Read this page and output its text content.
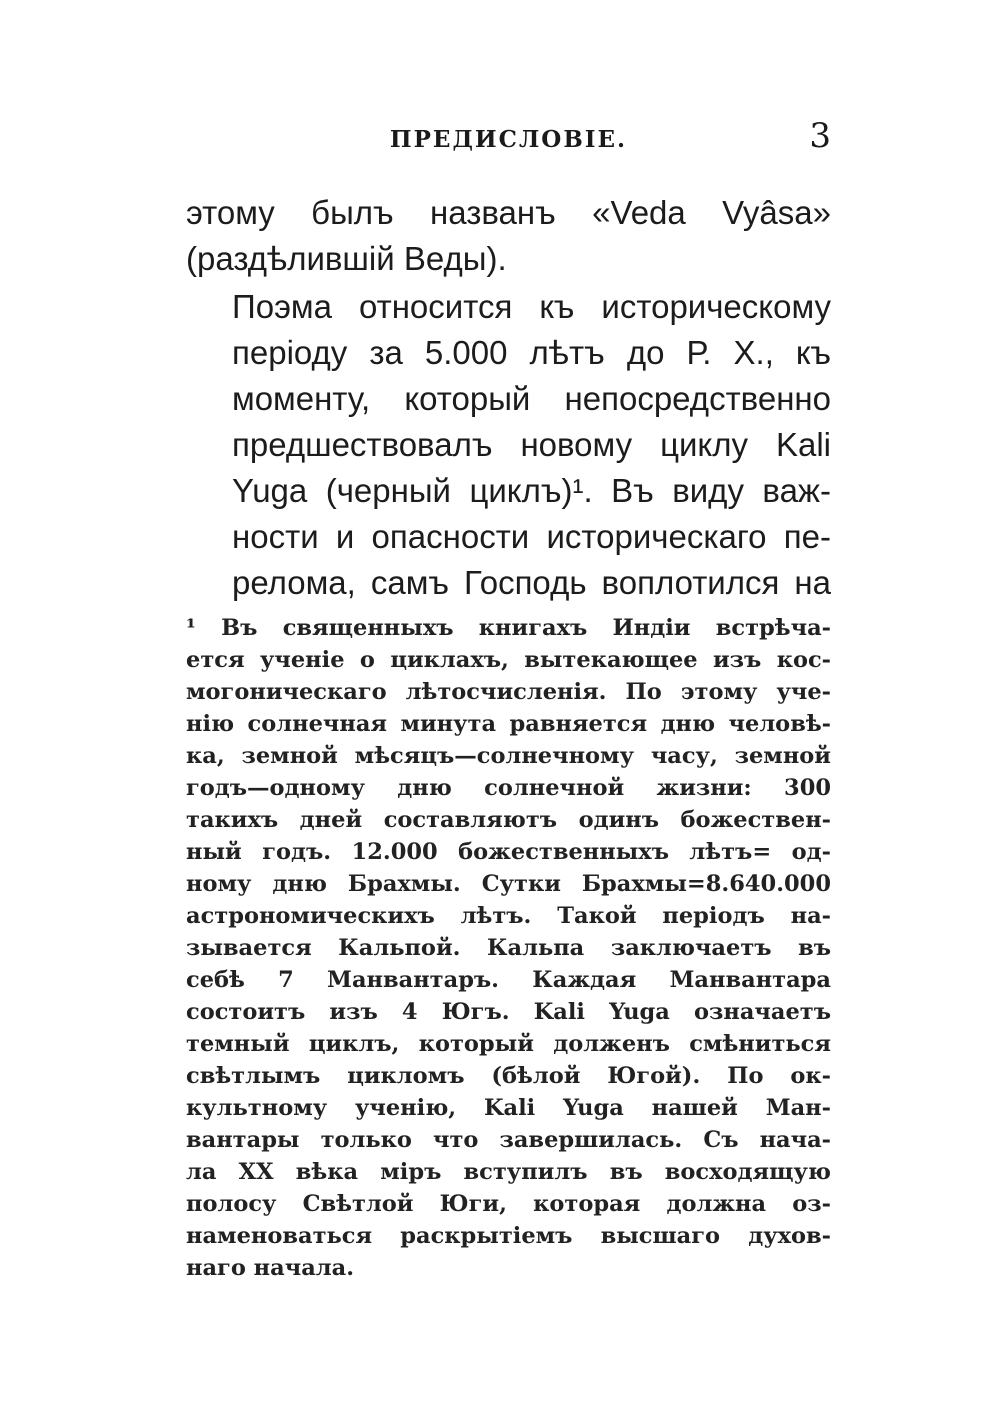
ПРЕДИСЛОВІЕ.	3

этому былъ названъ «Veda Vyâsa»
(раздѣлившій Веды).

Поэма относится къ историческому
періоду за 5.000 лѣтъ до Р. Х., къ
моменту, который непосредственно
предшествовалъ новому циклу Kali
Yuga (черный циклъ)¹. Въ виду важ-
ности и опасности историческаго пе-
релома, самъ Господь воплотился на

¹ Въ священныхъ книгахъ Индіи встрѣча-
ется ученіе о циклахъ, вытекающее изъ кос-
могоническаго лѣтосчисленія. По этому уче-
нію солнечная минута равняется дню человѣ-
ка, земной мѣсяцъ—солнечному часу, земной
годъ—одному дню солнечной жизни: 300
такихъ дней составляютъ одинъ божествен-
ный годъ. 12.000 божественныхъ лѣтъ= од-
ному дню Брахмы. Сутки Брахмы=8.640.000
астрономическихъ лѣтъ. Такой періодъ на-
зывается Кальпой. Кальпа заключаетъ въ
себѣ 7 Манвантаръ. Каждая Манвантара
состоитъ изъ 4 Югъ. Kali Yuga означаетъ
темный циклъ, который долженъ смѣниться
свѣтлымъ цикломъ (бѣлой Югой). По ок-
культному ученію, Kali Yuga нашей Ман-
вантары только что завершилась. Съ нача-
ла XX вѣка міръ вступилъ въ восходящую
полосу Свѣтлой Юги, которая должна оз-
наменоваться раскрытіемъ высшаго духов-
наго начала.
